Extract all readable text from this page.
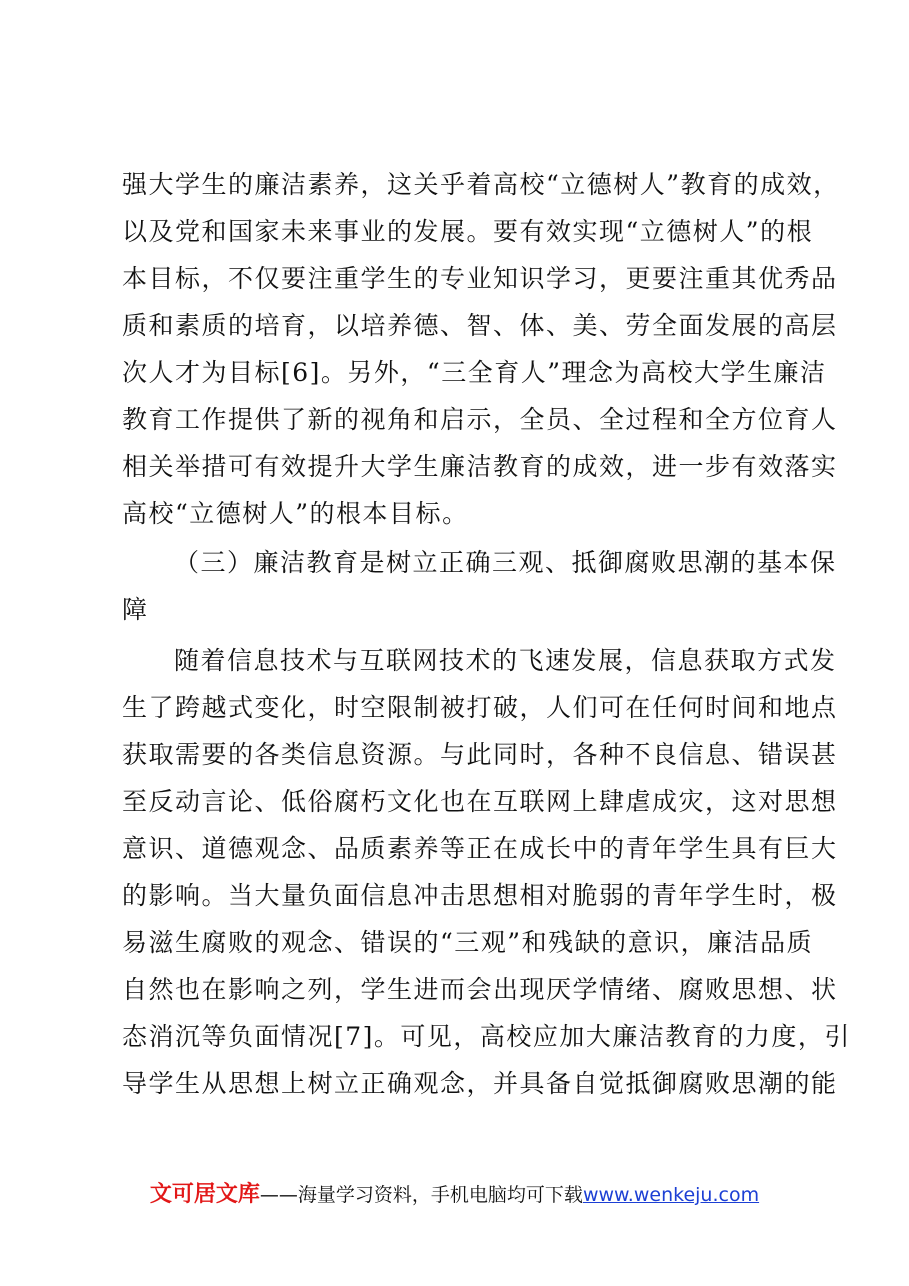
强大学生的廉洁素养，这关乎着高校“立德树人”教育的成效，
以及党和国家未来事业的发展。要有效实现“立德树人”的根
本目标，不仅要注重学生的专业知识学习，更要注重其优秀品
质和素质的培育，以培养德、智、体、美、劳全面发展的高层
次人才为目标[6]。另外，“三全育人”理念为高校大学生廉洁
教育工作提供了新的视角和启示，全员、全过程和全方位育人
相关举措可有效提升大学生廉洁教育的成效，进一步有效落实
高校“立德树人”的根本目标。
（三）廉洁教育是树立正确三观、抵御腐败思潮的基本保
障
随着信息技术与互联网技术的飞速发展，信息获取方式发
生了跨越式变化，时空限制被打破，人们可在任何时间和地点
获取需要的各类信息资源。与此同时，各种不良信息、错误甚
至反动言论、低俗腐朽文化也在互联网上肆虐成灾，这对思想
意识、道德观念、品质素养等正在成长中的青年学生具有巨大
的影响。当大量负面信息冲击思想相对脆弱的青年学生时，极
易滋生腐败的观念、错误的“三观”和残缺的意识，廉洁品质
自然也在影响之列，学生进而会出现厌学情绪、腐败思想、状
态消沉等负面情况[7]。可见，高校应加大廉洁教育的力度，引
导学生从思想上树立正确观念，并具备自觉抵御腐败思潮的能
文可居文库——海量学习资料，手机电脑均可下载www.wenkeju.com
